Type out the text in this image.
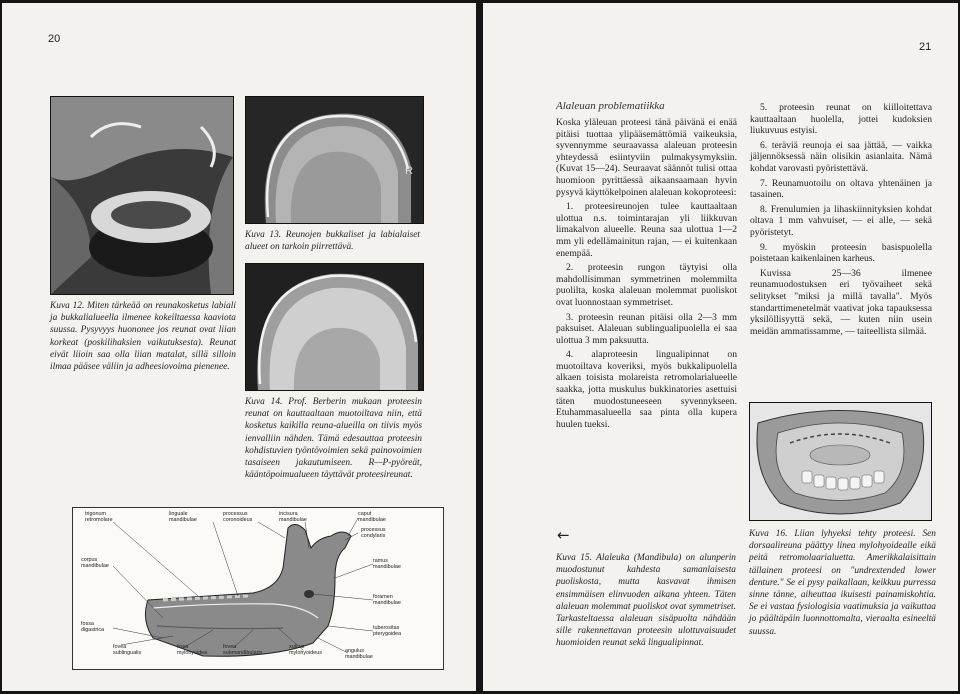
20

Kuva 12. Miten tärkeää on reunakosketus labiali ja bukkalialueella ilmenee kokeiltaessa kaaviota suussa. Pysyvyys huononee jos reunat ovat liian korkeat (poskilihaksien vaikutuksesta). Reunat eivät liioin saa olla liian matalat, sillä silloin ilmaa pääsee väliin ja adheesiovoima pienenee.

R

Kuva 13. Reunojen bukkaliset ja labialaiset alueet on tarkoin piirrettävä.

Kuva 14. Prof. Berberin mukaan proteesin reunat on kauttaaltaan muotoiltava niin, että kosketus kaikilla reuna-alueilla on tiivis myös ienvalliin nähden. Tämä edesauttaa proteesin kohdistuvien työntövoimien sekä painovoimien tasaiseen jakautumiseen. R—P-pyöreät, kääntöpoimualueen täyttävät proteesireunat.

trigonum
retromolare
linguale
mandibulae
processus
coronoideus
incisura
mandibulae
caput
mandibulae
processus
condylaris
corpus
mandibulae
ramus
mandibulae
foramen
mandibulae
fossa
digastrica	tuberositas
pterygoidea
fovea
sublingualis
linea
mylohyoidea
fovea
submandibularis
sulcus
mylohyoideus	angulus
mandibulae
21

Alaleuan problematiikka

Koska yläleuan proteesi tänä päivänä ei enää pitäisi tuottaa ylipääsemättömiä vaikeuksia, syvennymme seuraavassa alaleuan proteesin yhteydessä esiintyviin pulmakysymyksiin. (Kuvat 15—24). Seuraavat säännöt tulisi ottaa huomioon pyrittäessä aikaansaamaan hyvin pysyvä käyttökelpoinen alaleuan kokoproteesi:

1. proteesireunojen tulee kauttaaltaan ulottua n.s. toimintarajan yli liikkuvan limakalvon alueelle. Reuna saa ulottua 1—2 mm yli edellämainitun rajan, — ei kuitenkaan enempää.

2. proteesin rungon täytyisi olla mahdollisimman symmetrinen molemmilta puolilta, koska alaleuan molemmat puoliskot ovat luonnostaan symmetriset.

3. proteesin reunan pitäisi olla 2—3 mm paksuiset. Alaleuan sublingualipuolella ei saa ulottua 3 mm paksuutta.

4. alaproteesin lingualipinnat on muotoiltava koveriksi, myös bukkalipuolella alkaen toisista molareista retromolarialueelle saakka, jotta muskulus bukkinatories asettuisi täten muodostuneeseen syvennykseen. Etuhammasalueella saa pinta olla kupera huulen tueksi.

5. proteesin reunat on kiilloitettava kauttaaltaan huolella, jottei kudoksien liukuvuus estyisi.

6. teräviä reunoja ei saa jättää, — vaikka jäljennöksessä näin olisikin asianlaita. Nämä kohdat varovasti pyöristettävä.

7. Reunamuotoilu on oltava yhtenäinen ja tasainen.

8. Frenulumien ja lihaskiinnityksien kohdat oltava 1 mm vahvuiset, — ei alle, — sekä pyöristetyt.

9. myöskin proteesin basispuolella poistetaan kaikenlainen karheus.

Kuvissa 25—36 ilmenee reunamuodostuksen eri työvaiheet sekä selitykset "miksi ja millä tavalla". Myös standarttimenetelmät vaativat joka tapauksessa yksilöllisyyttä sekä, — kuten niin usein meidän ammatissamme, — taiteellista silmää.

←

Kuva 15. Alaleuka (Mandibula) on alunperin muodostunut kahdesta samanlaisesta puoliskosta, mutta kasvavat ihmisen ensimmäisen elinvuoden aikana yhteen. Täten alaleuan molemmat puoliskot ovat symmetriset. Tarkasteltaessa alaleuan sisäpuolta nähdään sille rakennettavan proteesin ulottuvaisuudet huomioiden reunat sekä lingualipinnat.

Kuva 16. Liian lyhyeksi tehty proteesi. Sen dorsaalireuna päättyy linea mylohyoidealle eikä peitä retromolaarialuetta. Amerikkalaisittain tällainen proteesi on "undrextended lower denture." Se ei pysy paikallaan, keikkuu purressa sinne tänne, aiheuttaa ikuisesti painamiskohtia. Se ei vastaa fysiologisia vaatimuksia ja vaikuttaa jo päältäpäin luonnottomalta, vieraalta esineeltä suussa.
